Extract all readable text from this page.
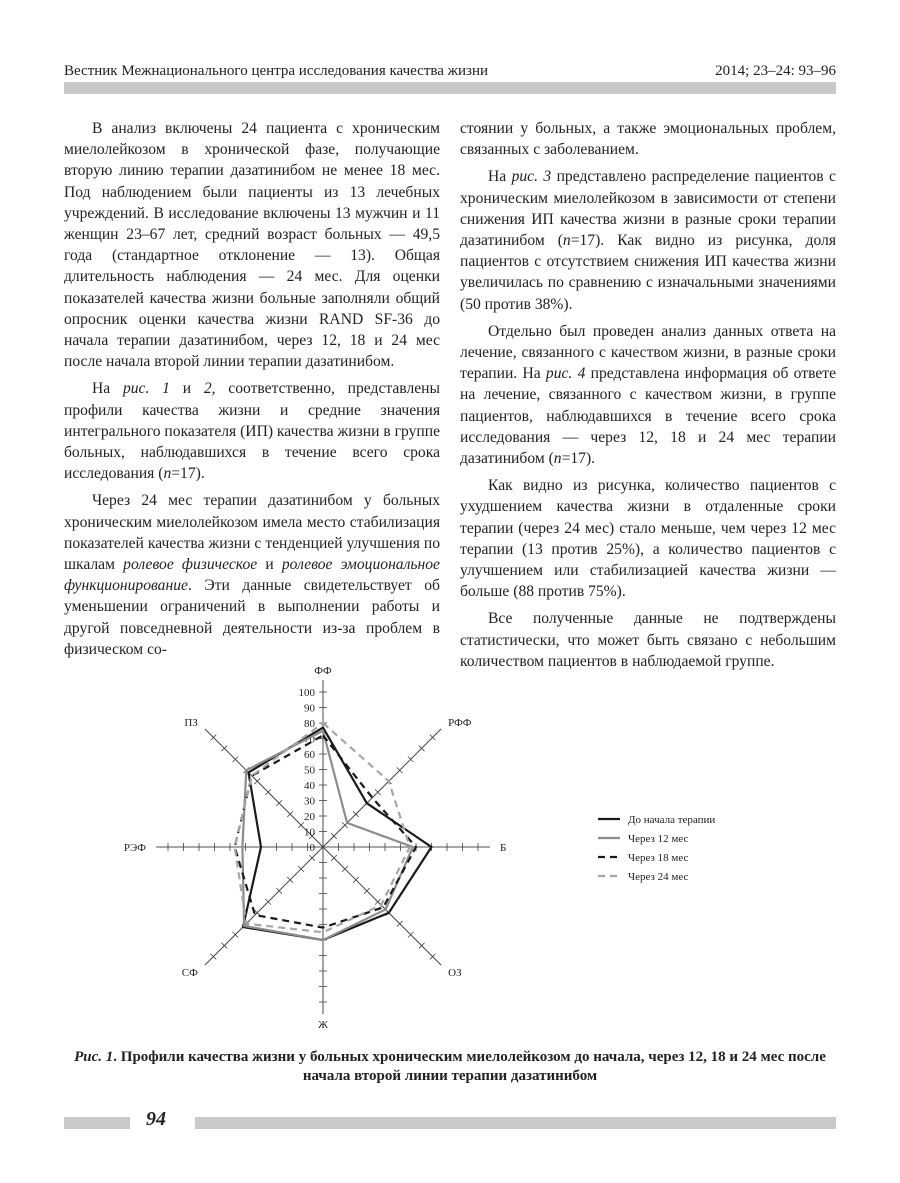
Вестник Межнационального центра исследования качества жизни	2014; 23–24: 93–96

В анализ включены 24 пациента с хроническим миелолейкозом в хронической фазе, получающие вторую линию терапии дазатинибом не менее 18 мес. Под наблюдением были пациенты из 13 лечебных учреждений. В исследование включены 13 мужчин и 11 женщин 23–67 лет, средний возраст больных — 49,5 года (стандартное отклонение — 13). Общая длительность наблюдения — 24 мес. Для оценки показателей качества жизни больные заполняли общий опросник оценки качества жизни RAND SF-36 до начала терапии дазатинибом, через 12, 18 и 24 мес после начала второй линии терапии дазатинибом.

На рис. 1 и 2, соответственно, представлены профили качества жизни и средние значения интегрального показателя (ИП) качества жизни в группе больных, наблюдавшихся в течение всего срока исследования (n=17).

Через 24 мес терапии дазатинибом у больных хроническим миелолейкозом имела место стабилизация показателей качества жизни с тенденцией улучшения по шкалам ролевое физическое и ролевое эмоциональное функционирование. Эти данные свидетельствует об уменьшении ограничений в выполнении работы и другой повседневной деятельности из-за проблем в физическом со-

стоянии у больных, а также эмоциональных проблем, связанных с заболеванием.

На рис. 3 представлено распределение пациентов с хроническим миелолейкозом в зависимости от степени снижения ИП качества жизни в разные сроки терапии дазатинибом (n=17). Как видно из рисунка, доля пациентов с отсутствием снижения ИП качества жизни увеличилась по сравнению с изначальными значениями (50 против 38%).

Отдельно был проведен анализ данных ответа на лечение, связанного с качеством жизни, в разные сроки терапии. На рис. 4 представлена информация об ответе на лечение, связанного с качеством жизни, в группе пациентов, наблюдавшихся в течение всего срока исследования — через 12, 18 и 24 мес терапии дазатинибом (n=17).

Как видно из рисунка, количество пациентов с ухудшением качества жизни в отдаленные сроки терапии (через 24 мес) стало меньше, чем через 12 мес терапии (13 против 25%), а количество пациентов с улучшением или стабилизацией качества жизни — больше (88 против 75%).

Все полученные данные не подтверждены статистически, что может быть связано с небольшим количеством пациентов в наблюдаемой группе.

ФФ
РФФ
Б
ОЗ
Ж
СФ
РЭФ
ПЗ
0
10
20
30
40
50
60
70
80
90
100
До начала терапии
Через 12 мес
Через 18 мес
Через 24 мес
Рис. 1. Профили качества жизни у больных хроническим миелолейкозом до начала, через 12, 18 и 24 мес после начала второй линии терапии дазатинибом
94
